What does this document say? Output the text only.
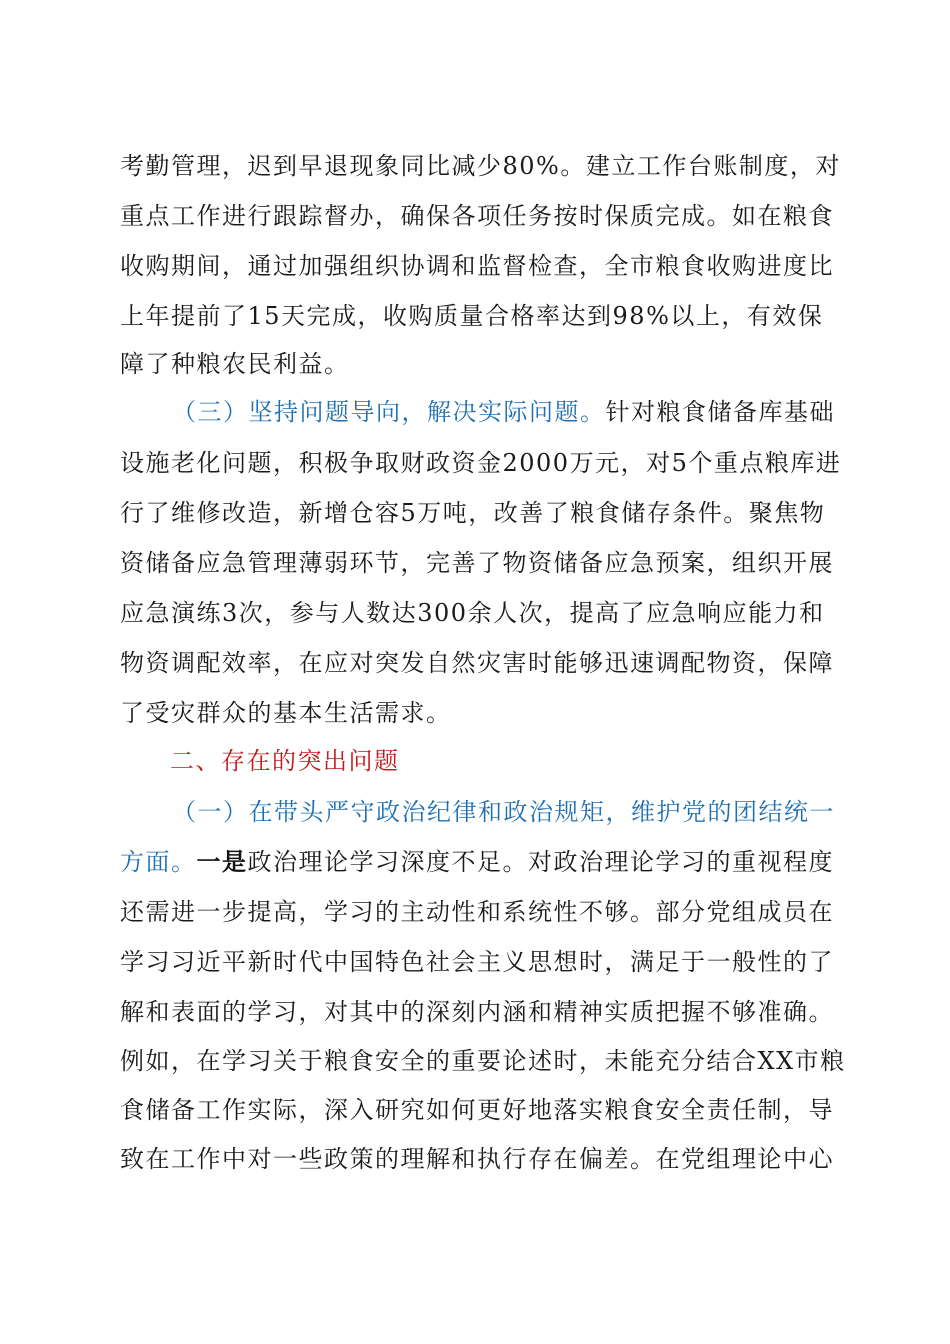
考勤管理，迟到早退现象同比减少80%。建立工作台账制度，对
重点工作进行跟踪督办，确保各项任务按时保质完成。如在粮食
收购期间，通过加强组织协调和监督检查，全市粮食收购进度比
上年提前了15天完成，收购质量合格率达到98%以上，有效保
障了种粮农民利益。
（三）坚持问题导向，解决实际问题。针对粮食储备库基础
设施老化问题，积极争取财政资金2000万元，对5个重点粮库进
行了维修改造，新增仓容5万吨，改善了粮食储存条件。聚焦物
资储备应急管理薄弱环节，完善了物资储备应急预案，组织开展
应急演练3次，参与人数达300余人次，提高了应急响应能力和
物资调配效率，在应对突发自然灾害时能够迅速调配物资，保障
了受灾群众的基本生活需求。
二、存在的突出问题
（一）在带头严守政治纪律和政治规矩，维护党的团结统一
方面。一是政治理论学习深度不足。对政治理论学习的重视程度
还需进一步提高，学习的主动性和系统性不够。部分党组成员在
学习习近平新时代中国特色社会主义思想时，满足于一般性的了
解和表面的学习，对其中的深刻内涵和精神实质把握不够准确。
例如，在学习关于粮食安全的重要论述时，未能充分结合XX市粮
食储备工作实际，深入研究如何更好地落实粮食安全责任制，导
致在工作中对一些政策的理解和执行存在偏差。在党组理论中心
